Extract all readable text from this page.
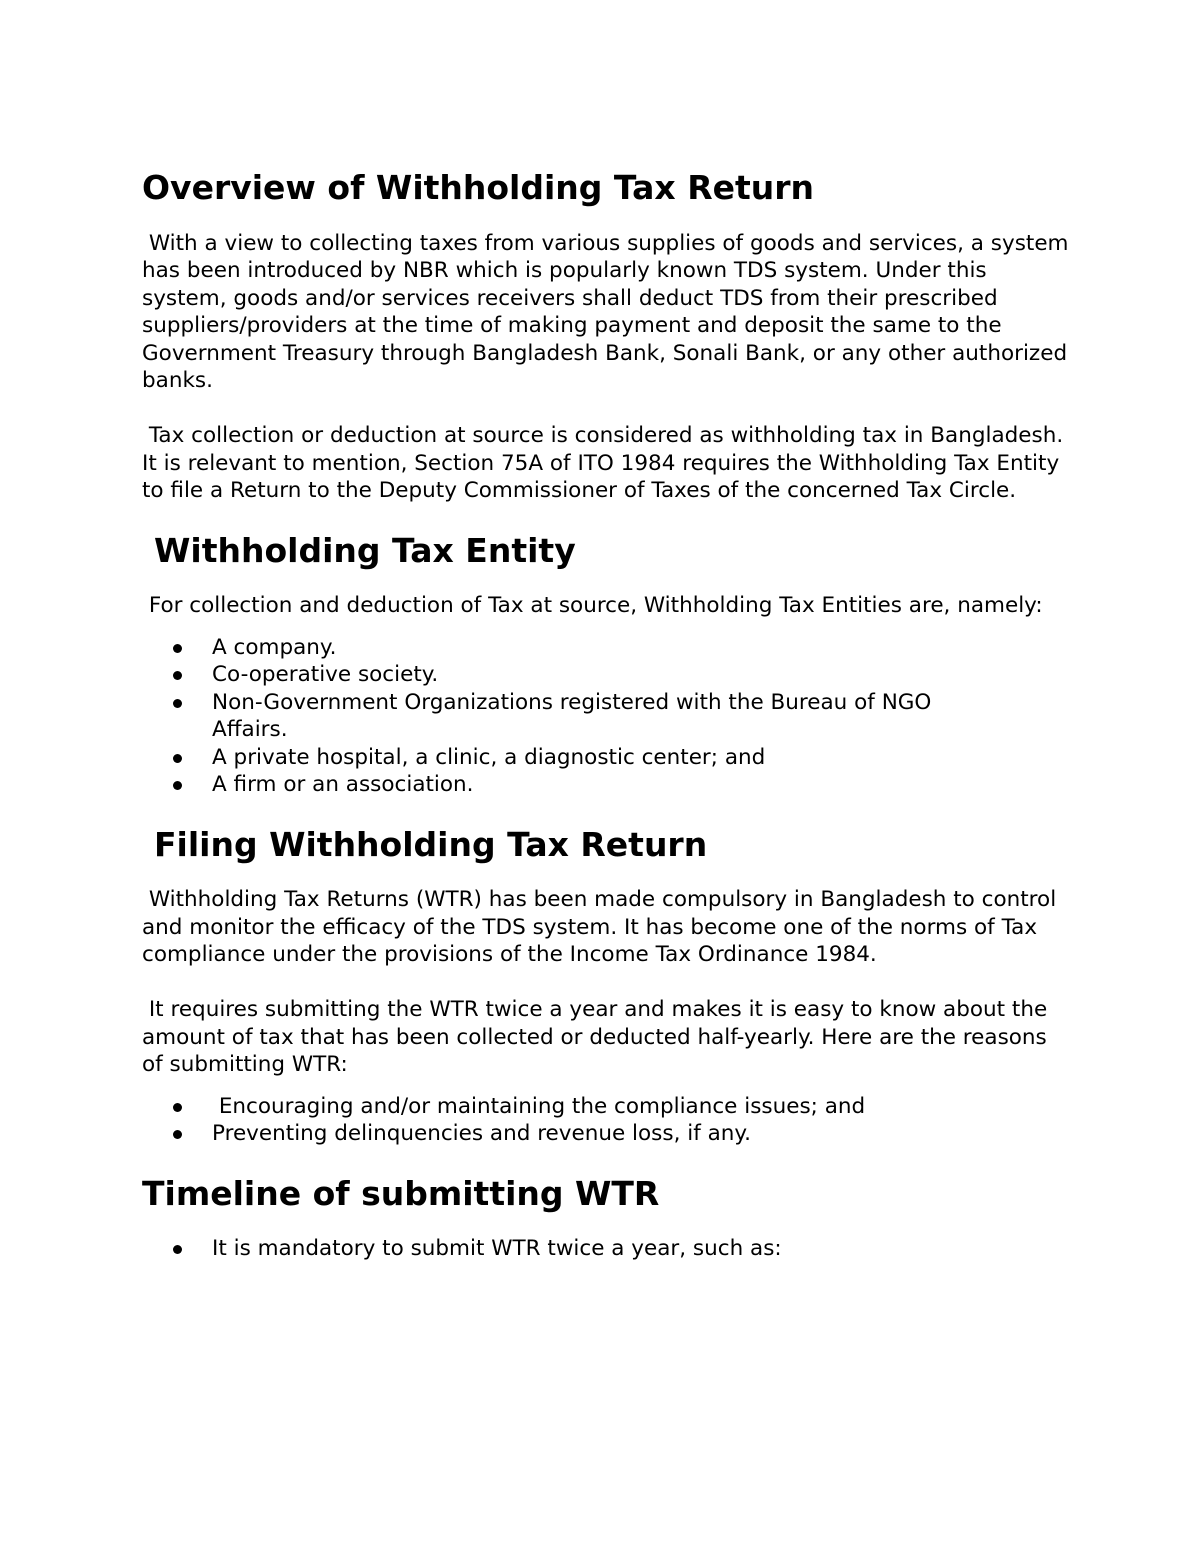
Overview of Withholding Tax Return

With a view to collecting taxes from various supplies of goods and services, a system has been introduced by NBR which is popularly known TDS system. Under this system, goods and/or services receivers shall deduct TDS from their prescribed suppliers/providers at the time of making payment and deposit the same to the Government Treasury through Bangladesh Bank, Sonali Bank, or any other authorized banks.

Tax collection or deduction at source is considered as withholding tax in Bangladesh. It is relevant to mention, Section 75A of ITO 1984 requires the Withholding Tax Entity to file a Return to the Deputy Commissioner of Taxes of the concerned Tax Circle.

Withholding Tax Entity

For collection and deduction of Tax at source, Withholding Tax Entities are, namely:

A company.
Co-operative society.
Non-Government Organizations registered with the Bureau of NGO Affairs.
A private hospital, a clinic, a diagnostic center; and
A firm or an association.
Filing Withholding Tax Return

Withholding Tax Returns (WTR) has been made compulsory in Bangladesh to control and monitor the efficacy of the TDS system. It has become one of the norms of Tax compliance under the provisions of the Income Tax Ordinance 1984.

It requires submitting the WTR twice a year and makes it is easy to know about the amount of tax that has been collected or deducted half-yearly. Here are the reasons of submitting WTR:

Encouraging and/or maintaining the compliance issues; and
Preventing delinquencies and revenue loss, if any.
Timeline of submitting WTR
It is mandatory to submit WTR twice a year, such as:
